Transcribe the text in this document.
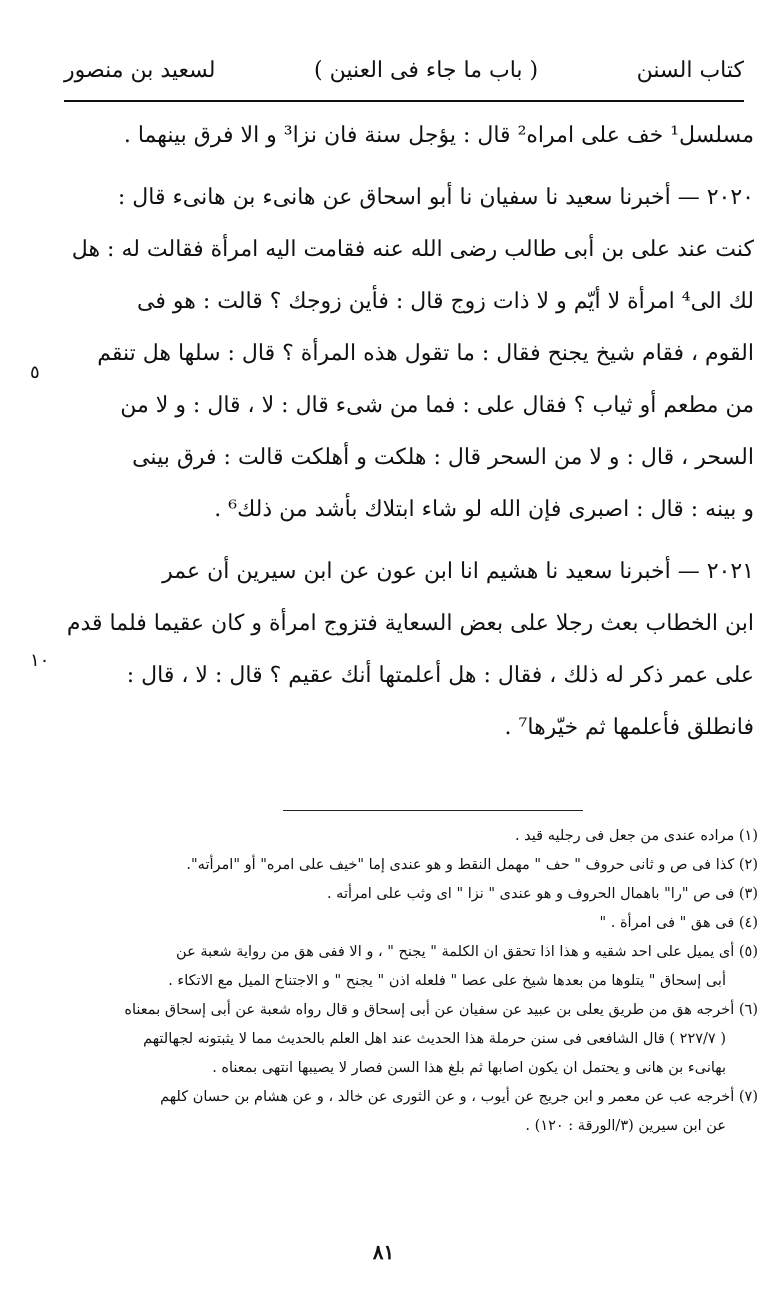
كتاب السنن
( باب ما جاء فى العنين )
لسعيد بن منصور

مسلسل¹ خف على امراه² قال : يؤجل سنة فان نزا³ و الا فرق بينهما .

٢٠٢٠ — أخبرنا سعيد نا سفيان نا أبو اسحاق عن هانىء بن هانىء قال :

كنت عند على بن أبى طالب رضى الله عنه فقامت اليه امرأة فقالت له : هل

لك الى⁴ امرأة لا أيّم و لا ذات زوج قال : فأين زوجك ؟ قالت : هو فى

القوم ، فقام شيخ يجنح فقال : ما تقول هذه المرأة ؟ قال : سلها هل تنقم

من مطعم أو ثياب ؟ فقال على : فما من شىء قال : لا ، قال : و لا من

السحر ، قال : و لا من السحر قال : هلكت و أهلكت قالت : فرق بينى

و بينه : قال : اصبرى فإن الله لو شاء ابتلاك بأشد من ذلك⁶ .

٢٠٢١ — أخبرنا سعيد نا هشيم انا ابن عون عن ابن سيرين أن عمر

ابن الخطاب بعث رجلا على بعض السعاية فتزوج امرأة و كان عقيما فلما قدم

على عمر ذكر له ذلك ، فقال : هل أعلمتها أنك عقيم ؟ قال : لا ، قال :

فانطلق فأعلمها ثم خيّرها⁷ .

٥
١٠

(١) مراده عندى من جعل فى رجليه قيد .

(٢) كذا فى ص و ثانى حروف " حف " مهمل النقط و هو عندى إما "خيف على امره" أو "امرأته".

(٣) فى ص "را" باهمال الحروف و هو عندى " نزا " اى وثب على امرأته .

(٤) فى هق " فى امرأة . "

(٥) أى يميل على احد شقيه و هذا اذا تحقق ان الكلمة " يجنح " ، و الا ففى هق من رواية شعبة عن

أبى إسحاق " يتلوها من بعدها شيخ على عصا " فلعله اذن " يجنح " و الاجتناح الميل مع الاتكاء .

(٦) أخرجه هق من طريق يعلى بن عبيد عن سفيان عن أبى إسحاق و قال رواه شعبة عن أبى إسحاق بمعناه

( ٢٢٧/٧ ) قال الشافعى فى سنن حرملة هذا الحديث عند اهل العلم بالحديث مما لا يثبتونه لجهالتهم

بهانىء بن هانى و يحتمل ان يكون اصابها ثم بلغ هذا السن فصار لا يصيبها انتهى بمعناه .

(٧) أخرجه عب عن معمر و ابن جريج عن أيوب ، و عن الثورى عن خالد ، و عن هشام بن حسان كلهم

عن ابن سيرين (٣/الورقة : ١٢٠) .

٨١
